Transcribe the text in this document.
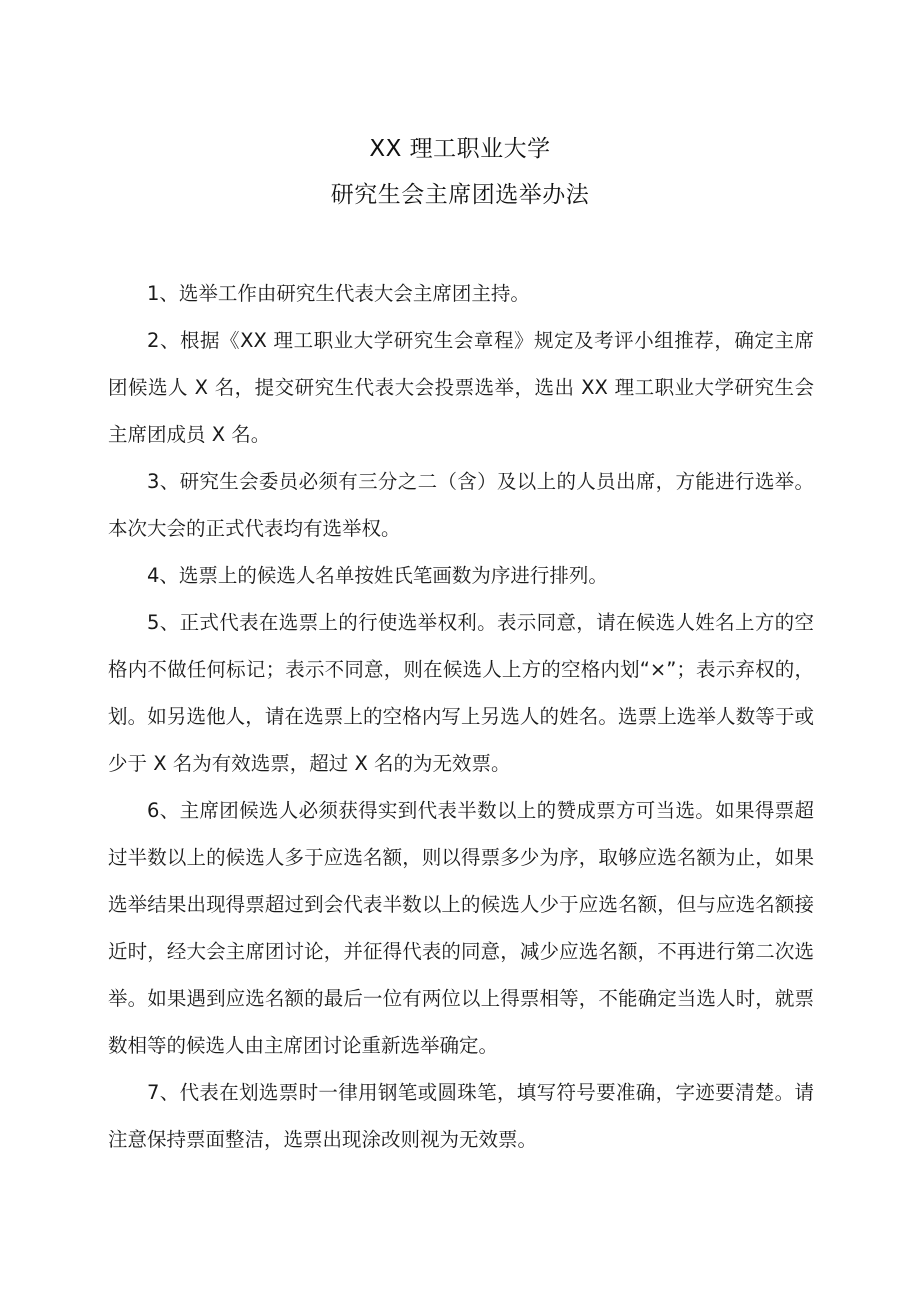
XX 理工职业大学
研究生会主席团选举办法

1、选举工作由研究生代表大会主席团主持。

2、根据《XX 理工职业大学研究生会章程》规定及考评小组推荐，确定主席团候选人 X 名，提交研究生代表大会投票选举，选出 XX 理工职业大学研究生会主席团成员 X 名。

3、研究生会委员必须有三分之二（含）及以上的人员出席，方能进行选举。本次大会的正式代表均有选举权。

4、选票上的候选人名单按姓氏笔画数为序进行排列。

5、正式代表在选票上的行使选举权利。表示同意，请在候选人姓名上方的空格内不做任何标记；表示不同意，则在候选人上方的空格内划“×”；表示弃权的，划。如另选他人，请在选票上的空格内写上另选人的姓名。选票上选举人数等于或少于 X 名为有效选票，超过 X 名的为无效票。

6、主席团候选人必须获得实到代表半数以上的赞成票方可当选。如果得票超过半数以上的候选人多于应选名额，则以得票多少为序，取够应选名额为止，如果选举结果出现得票超过到会代表半数以上的候选人少于应选名额，但与应选名额接近时，经大会主席团讨论，并征得代表的同意，减少应选名额，不再进行第二次选举。如果遇到应选名额的最后一位有两位以上得票相等，不能确定当选人时，就票数相等的候选人由主席团讨论重新选举确定。

7、代表在划选票时一律用钢笔或圆珠笔，填写符号要准确，字迹要清楚。请注意保持票面整洁，选票出现涂改则视为无效票。
